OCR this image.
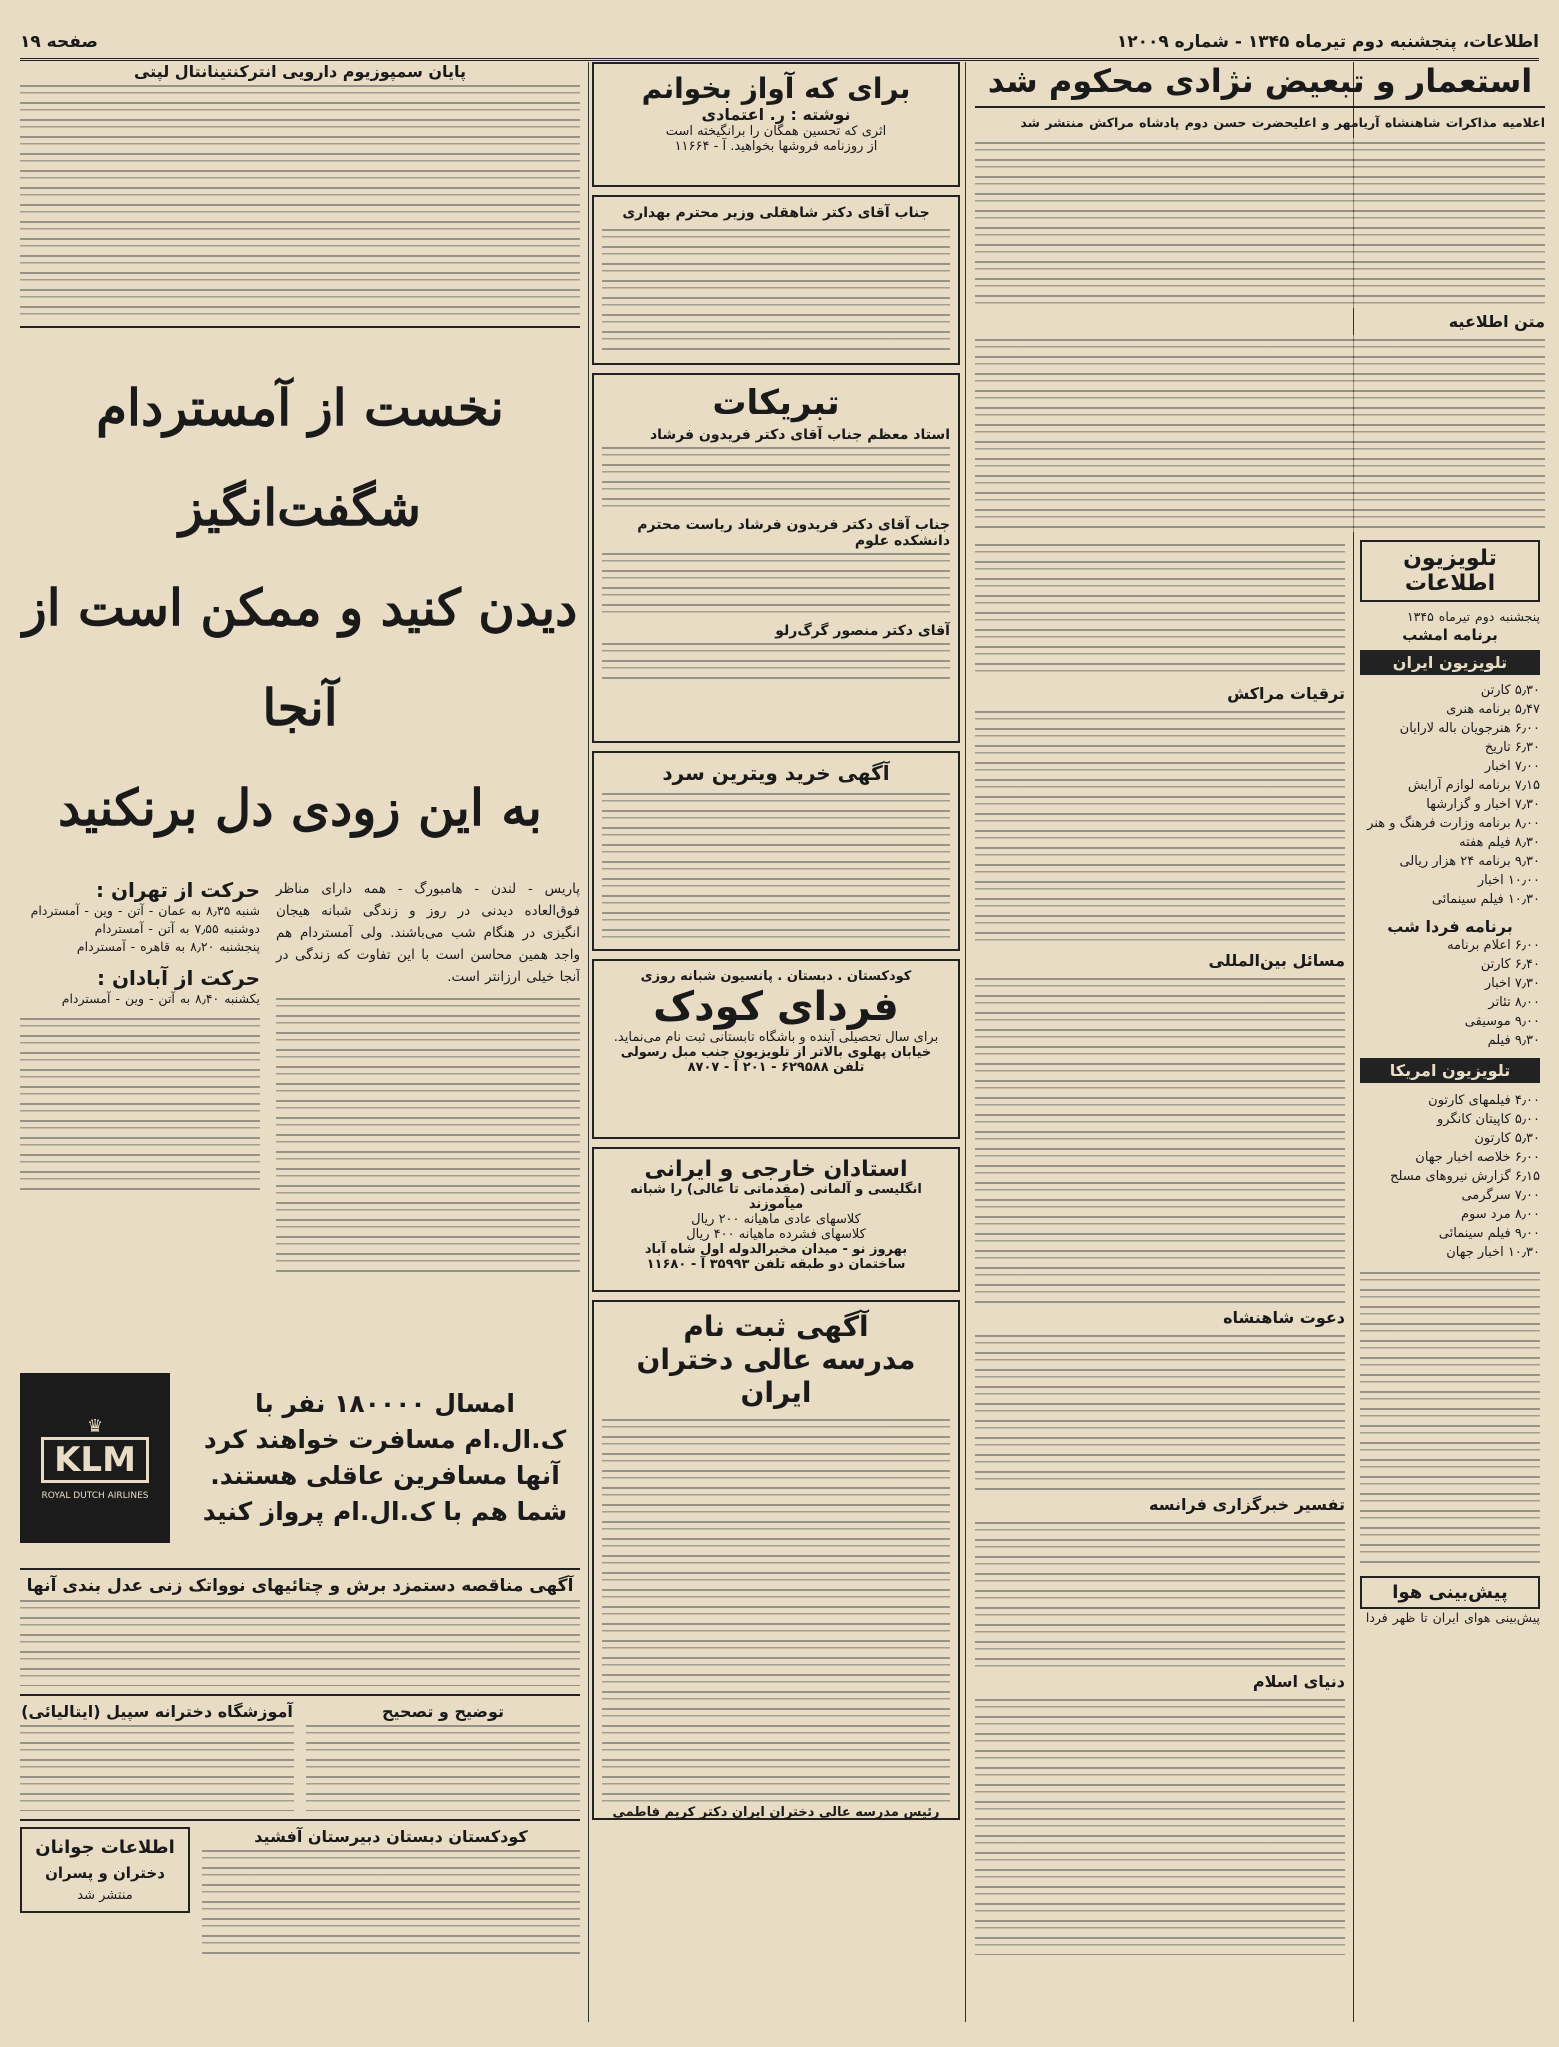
اطلاعات، پنجشنبه دوم تیرماه ۱۳۴۵ - شماره ۱۲۰۰۹
صفحه ۱۹
تلویزیون اطلاعات
پنجشنبه دوم تیرماه ۱۳۴۵
برنامه امشب
تلویزیون ایران
۵٫۳۰ کارتن
۵٫۴۷ برنامه هنری
۶٫۰۰ هنرجویان باله لارایان
۶٫۳۰ تاریخ
۷٫۰۰ اخبار
۷٫۱۵ برنامه لوازم آرایش
۷٫۳۰ اخبار و گزارشها
۸٫۰۰ برنامه وزارت فرهنگ و هنر
۸٫۳۰ فیلم هفته
۹٫۳۰ برنامه ۲۴ هزار ریالی
۱۰٫۰۰ اخبار
۱۰٫۳۰ فیلم سینمائی
برنامه فردا شب
۶٫۰۰ اعلام برنامه
۶٫۴۰ کارتن
۷٫۳۰ اخبار
۸٫۰۰ تئاتر
۹٫۰۰ موسیقی
۹٫۳۰ فیلم
تلویزیون امریکا
۴٫۰۰ فیلمهای کارتون
۵٫۰۰ کاپیتان کانگرو
۵٫۳۰ کارتون
۶٫۰۰ خلاصه اخبار جهان
۶٫۱۵ گزارش نیروهای مسلح
۷٫۰۰ سرگرمی
۸٫۰۰ مرد سوم
۹٫۰۰ فیلم سینمائی
۱۰٫۳۰ اخبار جهان
پیش‌بینی هوا
پیش‌بینی هوای ایران تا ظهر فردا
استعمار و تبعیض نژادی محکوم شد
اعلامیه مذاکرات شاهنشاه آریامهر و اعلیحضرت حسن دوم پادشاه مراکش منتشر شد
متن اطلاعیه
ترقیات مراکش
مسائل بین‌المللی
دعوت شاهنشاه
تفسیر خبرگزاری فرانسه
دنیای اسلام
برای که آواز بخوانم
نوشته : ر. اعتمادی
اثری که تحسین همگان را برانگیخته است
از روزنامه فروشها بخواهید. آ - ۱۱۶۶۴
جناب آقای دکتر شاهقلی وزیر محترم بهداری
تبریکات
استاد معظم جناب آقای دکتر فریدون فرشاد
جناب آقای دکتر فریدون فرشاد ریاست محترم دانشکده علوم
آقای دکتر منصور گرگ‌رلو
آگهی خرید ویترین سرد
کودکستان . دبستان . پانسیون شبانه روزی
فردای کودک
برای سال تحصیلی آینده و باشگاه تابستانی ثبت نام می‌نماید.
خیابان پهلوی بالاتر از تلویزیون جنب مبل رسولی
تلفن ۶۲۹۵۸۸ - ۲۰۱ آ - ۸۷۰۷
استادان خارجی و ایرانی
انگلیسی و آلمانی (مقدماتی تا عالی) را شبانه میآموزند
کلاسهای عادی ماهیانه ۲۰۰ ریال
کلاسهای فشرده ماهیانه ۴۰۰ ریال
بهروز نو - میدان مخبرالدوله اول شاه آباد
ساختمان دو طبقه تلفن ۳۵۹۹۳ آ - ۱۱۶۸۰
آگهی ثبت نام
مدرسه عالی دختران ایران
رئیس مدرسه عالی دختران ایران دکتر کریم فاطمی
پایان سمپوزیوم دارویی انترکنتینانتال لپتی
نخست از آمستردام شگفت‌انگیز
دیدن کنید و ممکن است از آنجا
به این زودی دل برنکنید
پاریس - لندن - هامبورگ - همه دارای مناظر فوق‌العاده دیدنی در روز و زندگی شبانه هیجان انگیزی در هنگام شب می‌باشند. ولی آمستردام هم واجد همین محاسن است با این تفاوت که زندگی در آنجا خیلی ارزانتر است.
حرکت از تهران :
شنبه ۸٫۳۵ به عمان - آتن - وین - آمستردام
دوشنبه ۷٫۵۵ به آتن - آمستردام
پنجشنبه ۸٫۲۰ به قاهره - آمستردام
حرکت از آبادان :
یکشنبه ۸٫۴۰ به آتن - وین - آمستردام
امسال ۱۸۰۰۰۰ نفر با
ک.ال.ام مسافرت خواهند کرد
آنها مسافرین عاقلی هستند.
شما هم با ک.ال.ام پرواز کنید
♛
KLM
ROYAL DUTCH AIRLINES
آگهی مناقصه دستمزد برش و چتائیهای نوواتک زنی عدل بندی آنها
توضیح و تصحیح
آموزشگاه دخترانه سپیل (ایتالیائی)
کودکستان دبستان دبیرستان آفشید
اطلاعات جوانان
دختران و پسران
منتشر شد
